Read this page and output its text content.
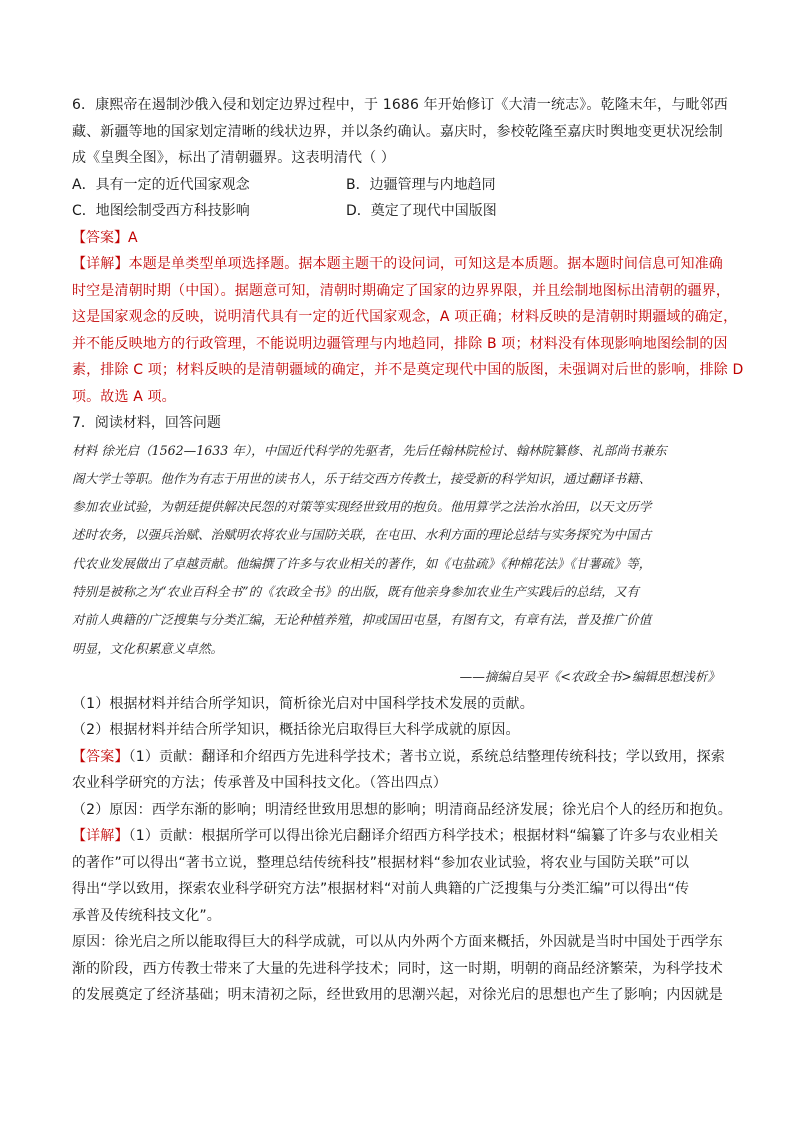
6．康熙帝在遏制沙俄入侵和划定边界过程中，于 1686 年开始修订《大清一统志》。乾隆末年，与毗邻西

藏、新疆等地的国家划定清晰的线状边界，并以条约确认。嘉庆时，参校乾隆至嘉庆时舆地变更状况绘制

成《皇舆全图》，标出了清朝疆界。这表明清代（ ）

A．具有一定的近代国家观念	B．边疆管理与内地趋同
C．地图绘制受西方科技影响	D．奠定了现代中国版图

【答案】A

【详解】本题是单类型单项选择题。据本题主题干的设问词，可知这是本质题。据本题时间信息可知准确

时空是清朝时期（中国）。据题意可知，清朝时期确定了国家的边界界限，并且绘制地图标出清朝的疆界，

这是国家观念的反映，说明清代具有一定的近代国家观念，A 项正确；材料反映的是清朝时期疆域的确定，

并不能反映地方的行政管理，不能说明边疆管理与内地趋同，排除 B 项；材料没有体现影响地图绘制的因

素，排除 C 项；材料反映的是清朝疆域的确定，并不是奠定现代中国的版图，未强调对后世的影响，排除 D

项。故选 A 项。

7．阅读材料，回答问题

材料 徐光启（1562—1633 年），中国近代科学的先驱者，先后任翰林院检讨、翰林院纂修、礼部尚书兼东
阁大学士等职。他作为有志于用世的读书人，乐于结交西方传教士，接受新的科学知识，通过翻译书籍、
参加农业试验，为朝廷提供解决民怨的对策等实现经世致用的抱负。他用算学之法治水治田，以天文历学
述时农务，以强兵治赋、治赋明农将农业与国防关联，在屯田、水利方面的理论总结与实务探究为中国古
代农业发展做出了卓越贡献。他编撰了许多与农业相关的著作，如《屯盐疏》《种棉花法》《甘薯疏》等，
特别是被称之为“农业百科全书”的《农政全书》的出版，既有他亲身参加农业生产实践后的总结，又有
对前人典籍的广泛搜集与分类汇编，无论种植养殖，抑或国田屯垦，有图有文，有章有法，普及推广价值
明显，文化积累意义卓然。
——摘编自吴平《<农政全书>编辑思想浅析》

（1）根据材料并结合所学知识，简析徐光启对中国科学技术发展的贡献。

（2）根据材料并结合所学知识，概括徐光启取得巨大科学成就的原因。

【答案】（1）贡献：翻译和介绍西方先进科学技术；著书立说，系统总结整理传统科技；学以致用，探索

农业科学研究的方法；传承普及中国科技文化。（答出四点）

（2）原因：西学东渐的影响；明清经世致用思想的影响；明清商品经济发展；徐光启个人的经历和抱负。

【详解】（1）贡献：根据所学可以得出徐光启翻译介绍西方科学技术；根据材料“编纂了许多与农业相关

的著作”可以得出“著书立说，整理总结传统科技”根据材料“参加农业试验，将农业与国防关联”可以

得出“学以致用，探索农业科学研究方法”根据材料“对前人典籍的广泛搜集与分类汇编”可以得出“传

承普及传统科技文化”。

原因：徐光启之所以能取得巨大的科学成就，可以从内外两个方面来概括，外因就是当时中国处于西学东

渐的阶段，西方传教士带来了大量的先进科学技术；同时，这一时期，明朝的商品经济繁荣，为科学技术

的发展奠定了经济基础；明末清初之际，经世致用的思潮兴起，对徐光启的思想也产生了影响；内因就是
